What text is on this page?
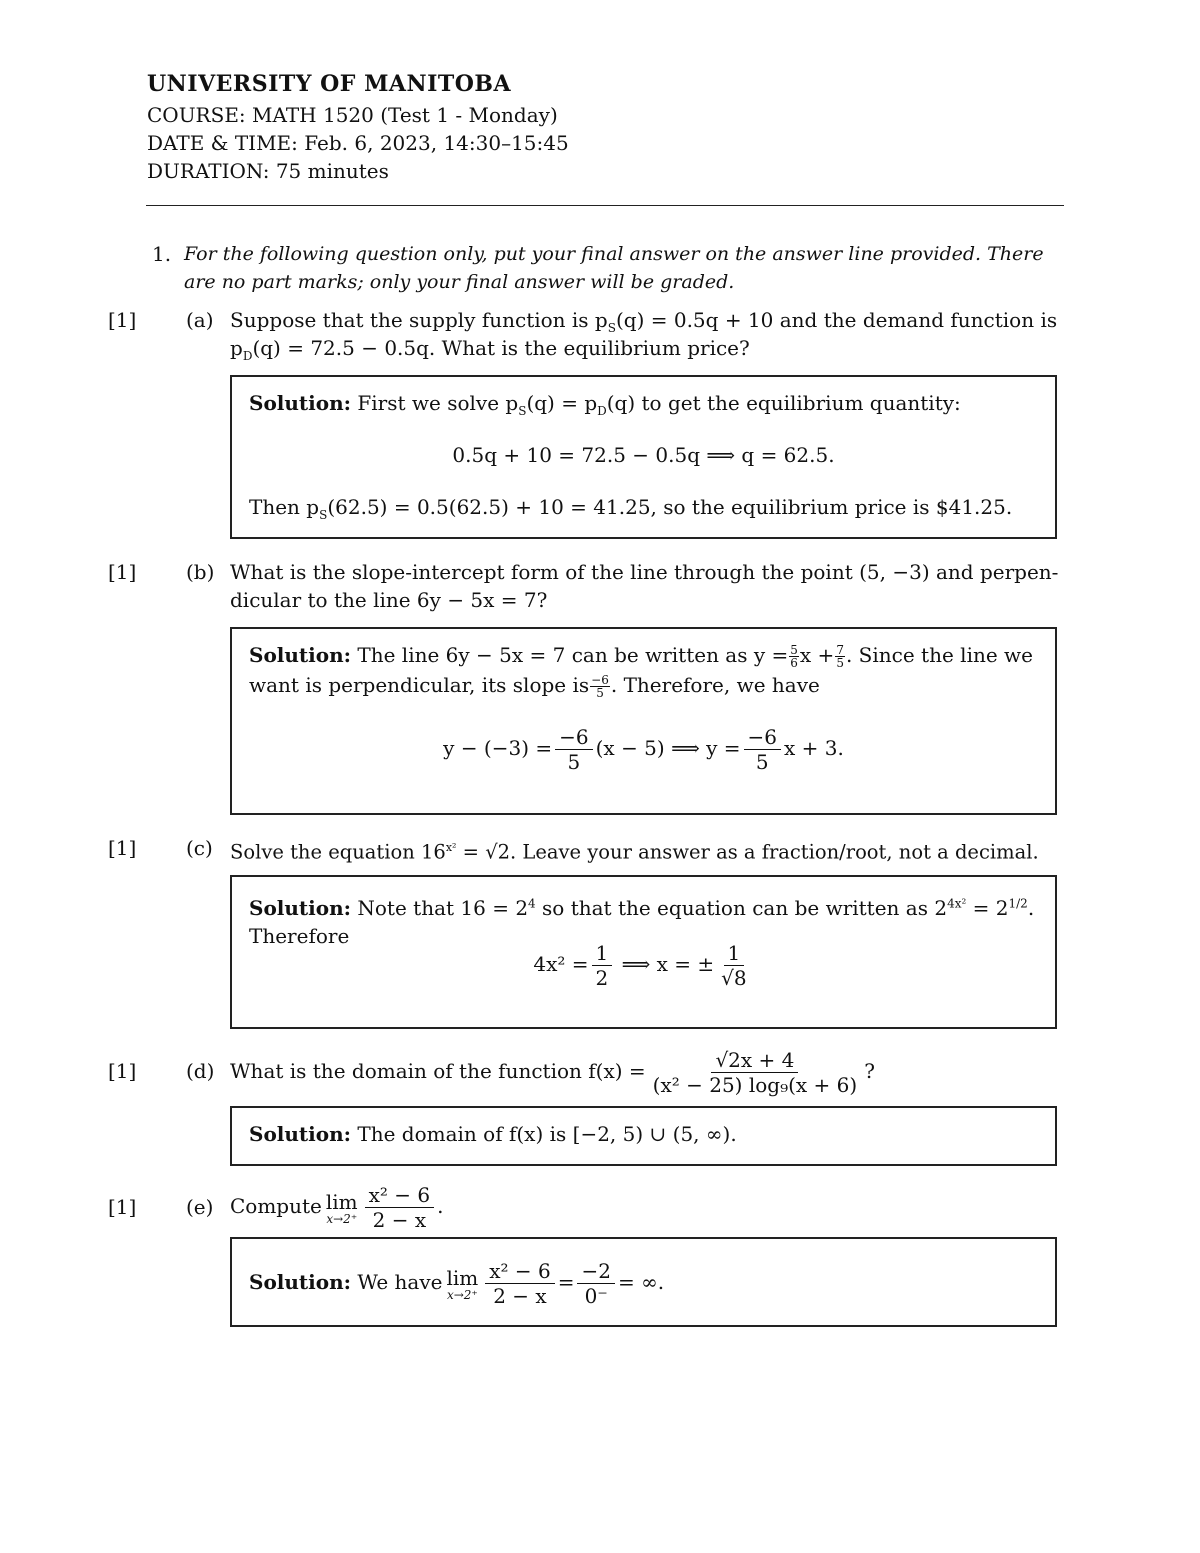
UNIVERSITY OF MANITOBA
COURSE: MATH 1520 (Test 1 - Monday)
DATE & TIME: Feb. 6, 2023, 14:30–15:45
DURATION: 75 minutes
1. For the following question only, put your final answer on the answer line provided. There
are no part marks; only your final answer will be graded.
[1] (a) Suppose that the supply function is $p_S(q) = 0.5q + 10$ and the demand function is
$p_D(q) = 72.5 - 0.5q$. What is the equilibrium price?
Solution: First we solve $p_S(q) = p_D(q)$ to get the equilibrium quantity:
0.5q + 10 = 72.5 − 0.5q ⟹ q = 62.5.
Then $p_S(62.5) = 0.5(62.5) + 10 = 41.25$, so the equilibrium price is $41.25.
[1] (b) What is the slope-intercept form of the line through the point (5, −3) and perpen-
dicular to the line 6y − 5x = 7?
Solution: The line 6y − 5x = 7 can be written as $y = \frac{5}{6}$ $x + \frac{7}{5}$ . Since the line we
want is perpendicular, its slope is $\frac{-6}{5}$ . Therefore, we have
$y - (-3) = \frac{-6}{5} (x - 5)$ ⟹ $y = \frac{-6}{5}$ x + 3.
[1] (c) Solve the equation $16^{x^2} = √2$. Leave your answer as a fraction/root, not a decimal.
Solution: Note that $16 = 2^4$ so that the equation can be written as $2^{4x^2} = 2^{1/2}$.
Therefore
$4x^2 = \frac{1}{2}$ ⟹ x = ± $\frac{1}{√8}$
[1] (d) What is the domain of the function $f(x) = \frac{√2x + 4}{\text{(x² − 25) log₉(x + 6)}}$ ?
Solution: The domain of f(x) is [−2, 5) ∪ (5, ∞).
[1] (e) Compute lim
$x\to 2^+ \frac{\text{x² − 6}}{2 - x}$ .
Solution: We have lim
$x\to 2^+ \frac{\text{x² − 6}}{2 - x} = \frac{-2}{0^-}$ = ∞.
